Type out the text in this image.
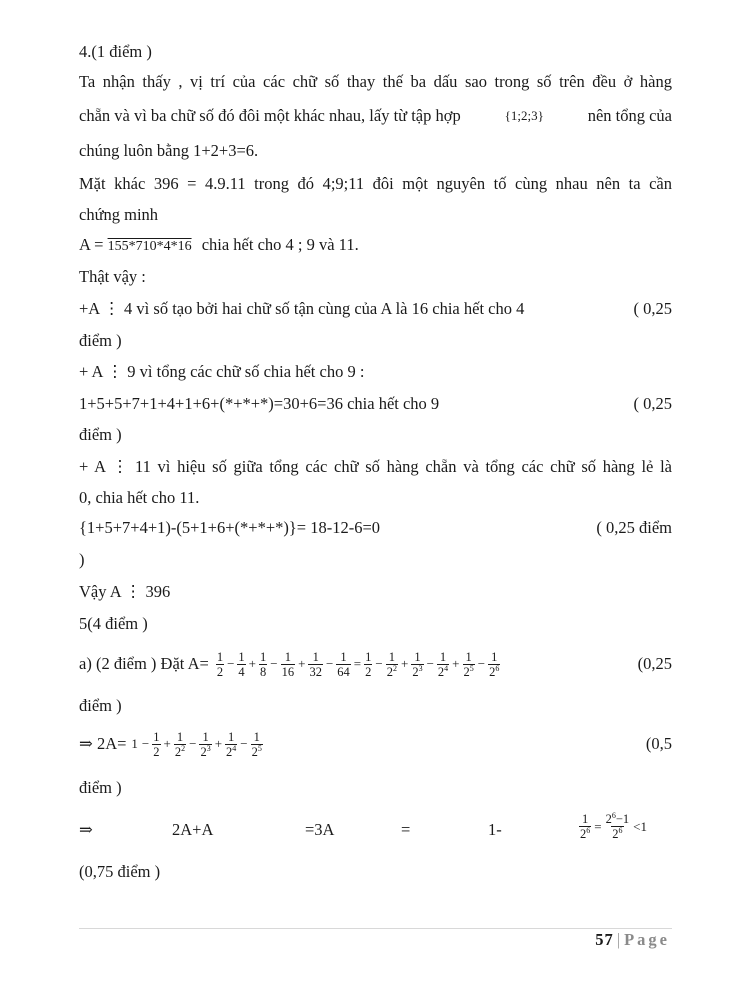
4.(1 điểm )
Ta nhận thấy , vị trí của các chữ số thay thế ba dấu sao trong số trên đều ở hàng
chẵn và vì ba chữ số đó đôi một khác nhau, lấy từ tập hợp	{1;2;3}	nên tổng của
chúng luôn bằng 1+2+3=6.
Mặt khác 396 = 4.9.11 trong đó 4;9;11 đôi một nguyên tố cùng nhau nên ta cần
chứng minh
A = 155*710*4*16 chia hết cho 4 ; 9 và 11.
Thật vậy :
+A ⋮ 4 vì số tạo bởi hai chữ số tận cùng của A là 16 chia hết cho 4	( 0,25
điểm )
+ A ⋮ 9 vì tổng các chữ số chia hết cho 9 :
1+5+5+7+1+4+1+6+(*+*+*)=30+6=36 chia hết cho 9	( 0,25
điểm )
+ A ⋮ 11 vì hiệu số giữa tổng các chữ số hàng chẵn và tổng các chữ số hàng lẻ là
0, chia hết cho 11.
{1+5+7+4+1)-(5+1+6+(*+*+*)}= 18-12-6=0	( 0,25 điểm
)
Vậy A ⋮ 396
5(4 điểm )
a) (2 điểm ) Đặt $A= \frac{1}{2} - \frac{1}{4} + \frac{1}{8} - \frac{1}{16} + \frac{1}{32} - \frac{1}{64} = \frac{1}{2} - \frac{1}{2^2} + \frac{1}{2^3} - \frac{1}{2^4} + \frac{1}{2^5} - \frac{1}{2^6}$	(0,25
điểm )
⇒ $2A= 1 - \frac{1}{2} + \frac{1}{2^2} - \frac{1}{2^3} + \frac{1}{2^4} - \frac{1}{2^5}$	(0,5
điểm )
⇒	2A+A	=3A	=	1-	$\frac{1}{2^6} = \frac{2^6-1}{2^6} <1$
(0,75 điểm )
57 | Page
